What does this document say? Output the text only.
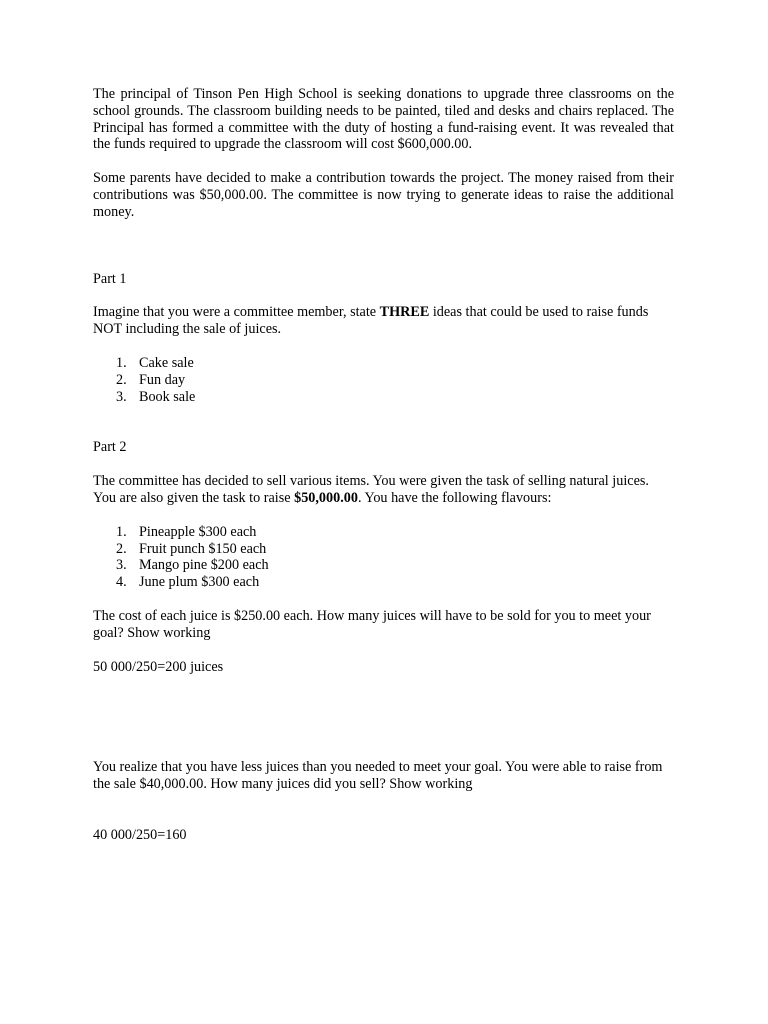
The principal of Tinson Pen High School is seeking donations to upgrade three classrooms on the school grounds. The classroom building needs to be painted, tiled and desks and chairs replaced. The Principal has formed a committee with the duty of hosting a fund-raising event. It was revealed that the funds required to upgrade the classroom will cost $600,000.00.

Some parents have decided to make a contribution towards the project. The money raised from their contributions was $50,000.00. The committee is now trying to generate ideas to raise the additional money.

Part 1

Imagine that you were a committee member, state THREE ideas that could be used to raise funds NOT including the sale of juices.

1. Cake sale
2. Fun day
3. Book sale

Part 2

The committee has decided to sell various items. You were given the task of selling natural juices. You are also given the task to raise $50,000.00. You have the following flavours:

1. Pineapple $300 each
2. Fruit punch $150 each
3. Mango pine $200 each
4. June plum $300 each

The cost of each juice is $250.00 each. How many juices will have to be sold for you to meet your goal? Show working

50 000/250=200 juices

You realize that you have less juices than you needed to meet your goal. You were able to raise from the sale $40,000.00. How many juices did you sell? Show working

40 000/250=160
